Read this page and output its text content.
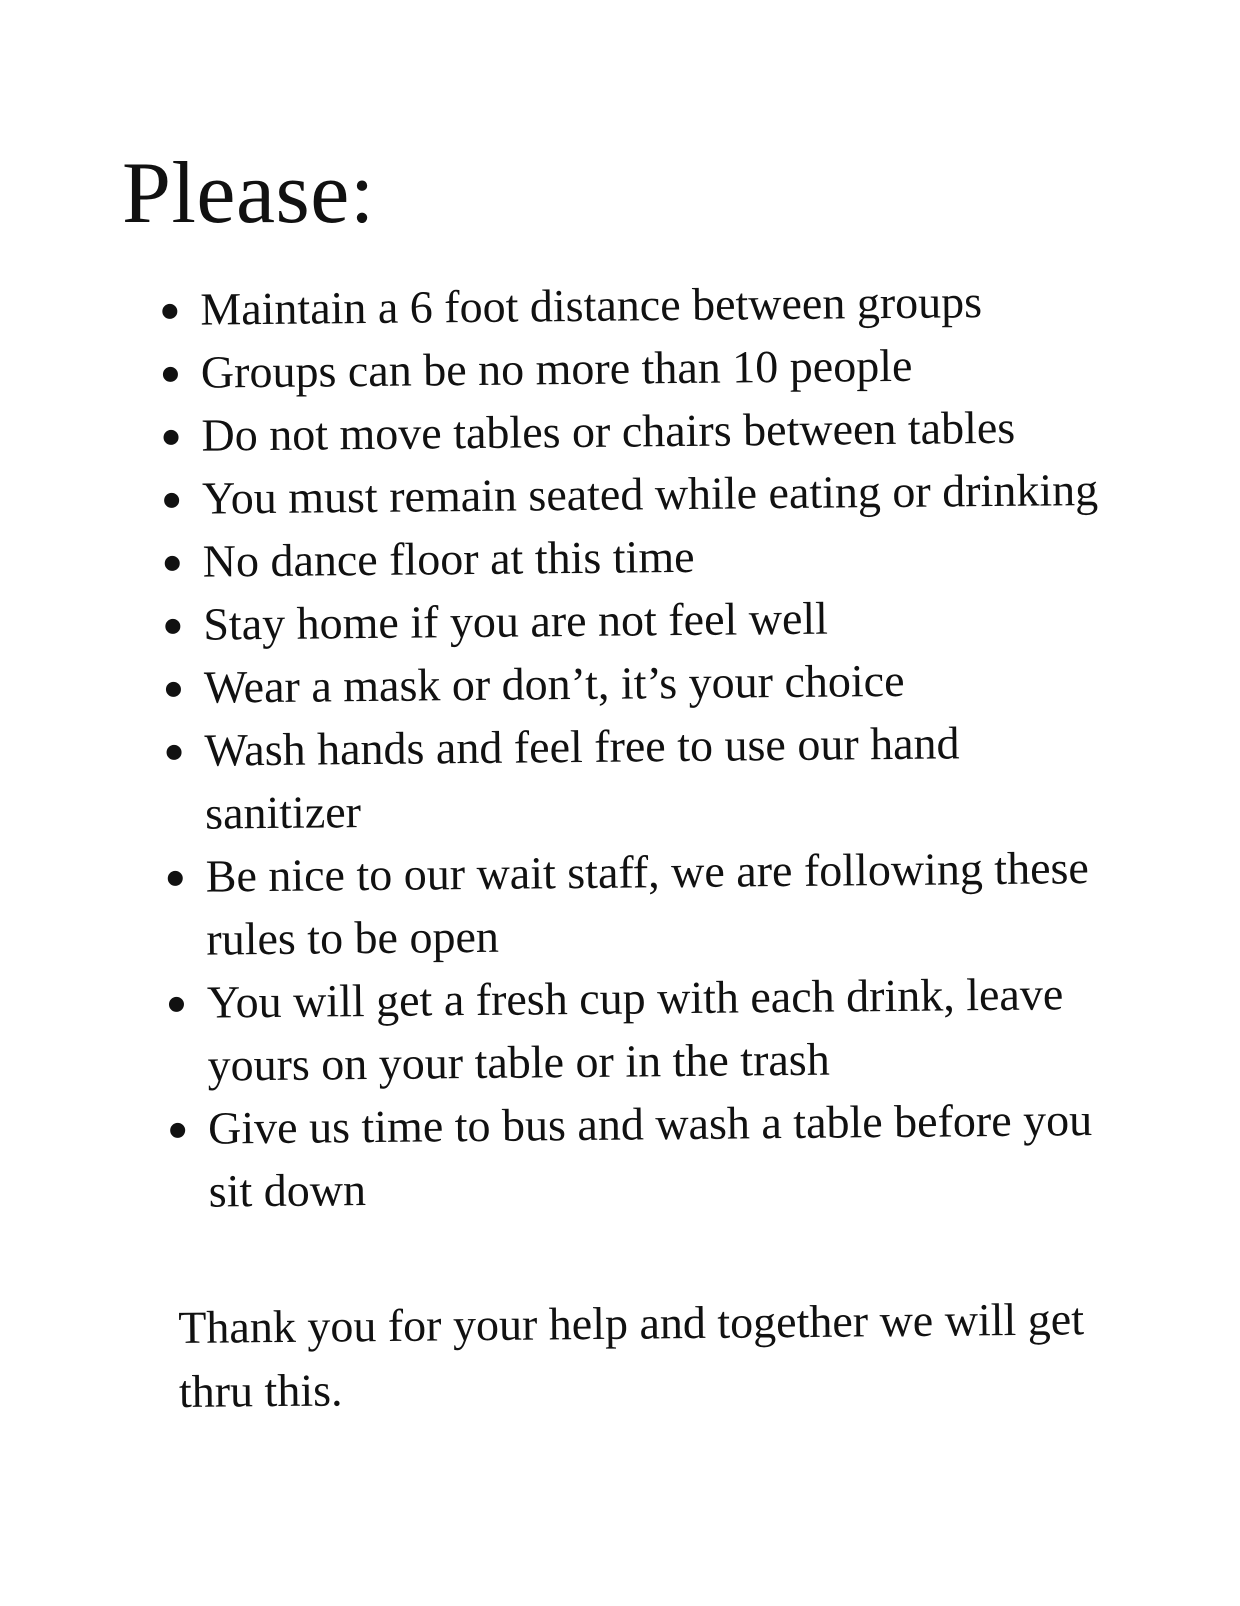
Please:
Maintain a 6 foot distance between groups
Groups can be no more than 10 people
Do not move tables or chairs between tables
You must remain seated while eating or drinking
No dance floor at this time
Stay home if you are not feel well
Wear a mask or don’t, it’s your choice
Wash hands and feel free to use our hand sanitizer
Be nice to our wait staff, we are following these rules to be open
You will get a fresh cup with each drink, leave yours on your table or in the trash
Give us time to bus and wash a table before you sit down

Thank you for your help and together we will get thru this.
